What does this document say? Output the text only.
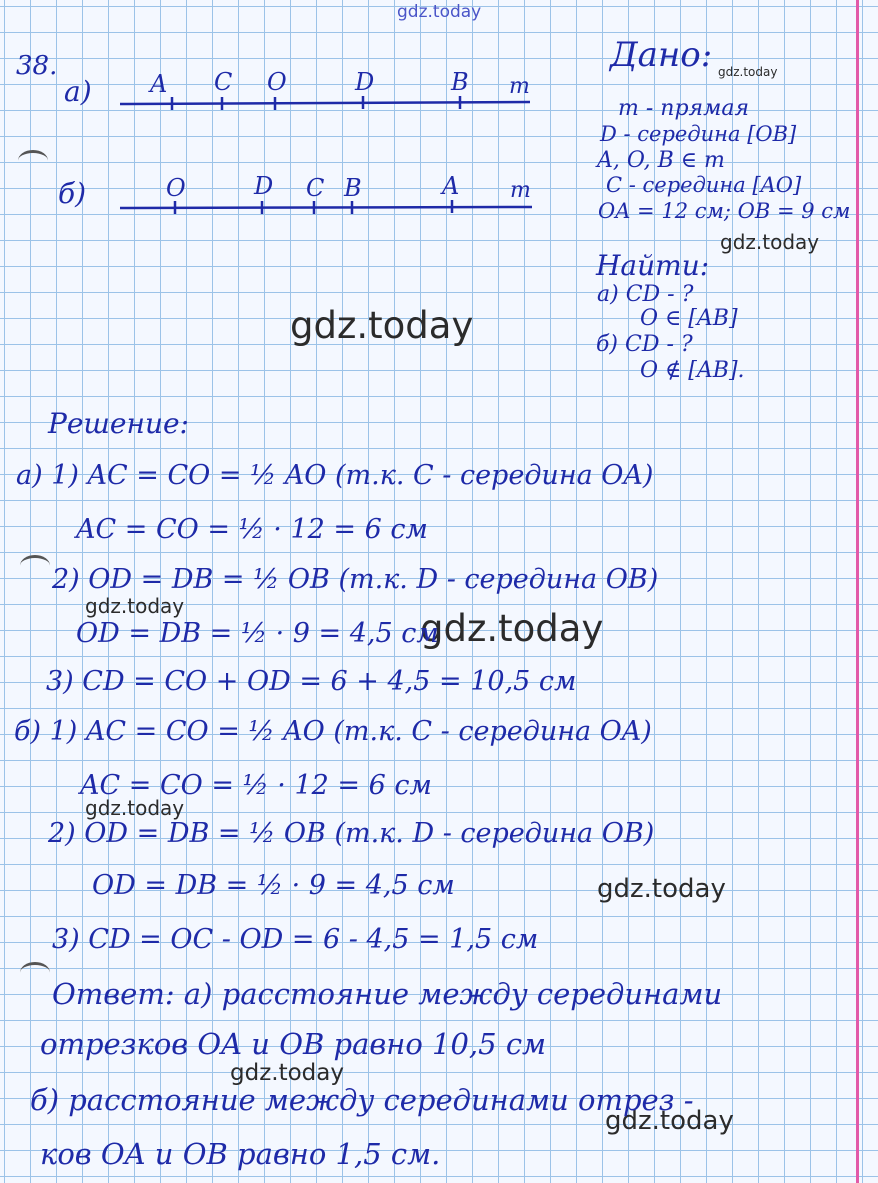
gdz.today
gdz.today
gdz.today
gdz.today
gdz.today
gdz.today
gdz.today
gdz.today
gdz.today
gdz.today
38.
а) A C O	D	B m
б)	O	D C B	A m
Дано:
m - прямая
D - середина [OB]
A, O, B ∈ m
C - середина [AO]
OA = 12 см; OB = 9 см
Найти:
а) CD - ?
O ∈ [AB]
б) CD - ?
O ∉ [AB].
Решение:
а) 1) AC = CO = ½ AO (т.к. C - середина OA)
AC = CO = ½ · 12 = 6 см
2) OD = DB = ½ OB (т.к. D - середина OB)
OD = DB = ½ · 9 = 4,5 см
3) CD = CO + OD = 6 + 4,5 = 10,5 см
б) 1) AC = CO = ½ AO (т.к. C - середина OA)
AC = CO = ½ · 12 = 6 см
2) OD = DB = ½ OB (т.к. D - середина OB)
OD = DB = ½ · 9 = 4,5 см
3) CD = OC - OD = 6 - 4,5 = 1,5 см
Ответ: а) расстояние между серединами
отрезков OA и OB равно 10,5 см
б) расстояние между серединами отрез -
ков OA и OB равно 1,5 см.
